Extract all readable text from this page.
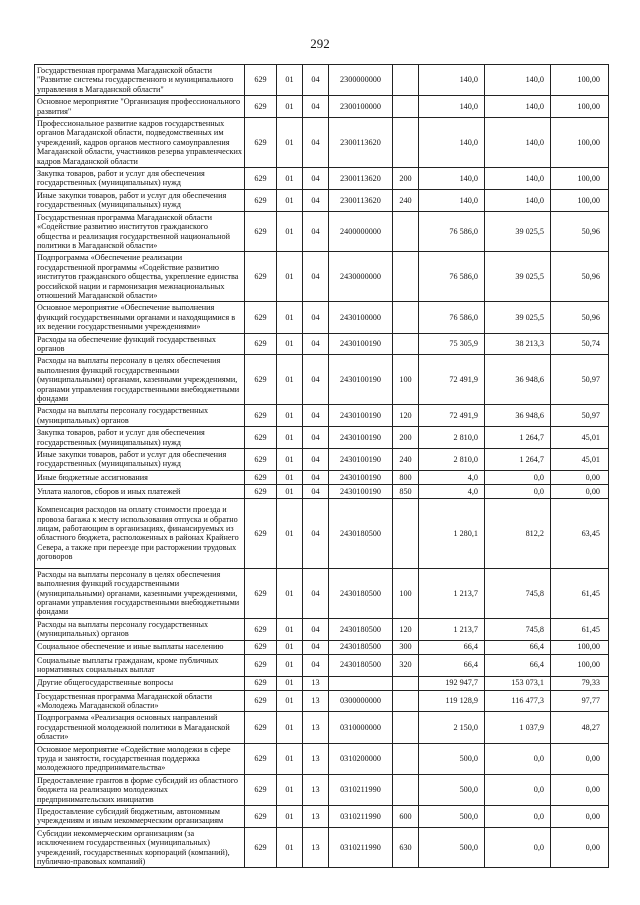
292
Государственная программа Магаданской области "Развитие системы государственного и муниципального управления в Магаданской области"	629	01	04	2300000000		140,0	140,0	100,00
Основное мероприятие "Организация профессионального развития"	629	01	04	2300100000		140,0	140,0	100,00
Профессиональное развитие кадров государственных органов Магаданской области, подведомственных им учреждений, кадров органов местного самоуправления Магаданской области, участников резерва управленческих кадров Магаданской области	629	01	04	2300113620		140,0	140,0	100,00
Закупка товаров, работ и услуг для обеспечения государственных (муниципальных) нужд	629	01	04	2300113620	200	140,0	140,0	100,00
Иные закупки товаров, работ и услуг для обеспечения государственных (муниципальных) нужд	629	01	04	2300113620	240	140,0	140,0	100,00
Государственная программа Магаданской области «Содействие развитию институтов гражданского общества и реализация государственной национальной политики в Магаданской области»	629	01	04	2400000000		76 586,0	39 025,5	50,96
Подпрограмма «Обеспечение реализации государственной программы «Содействие развитию институтов гражданского общества, укрепление единства российской нации и гармонизация межнациональных отношений Магаданской области»	629	01	04	2430000000		76 586,0	39 025,5	50,96
Основное мероприятие «Обеспечение выполнения функций государственными органами и находящимися в их ведении государственными учреждениями»	629	01	04	2430100000		76 586,0	39 025,5	50,96
Расходы на обеспечение функций государственных органов	629	01	04	2430100190		75 305,9	38 213,3	50,74
Расходы на выплаты персоналу в целях обеспечения выполнения функций государственными (муниципальными) органами, казенными учреждениями, органами управления государственными внебюджетными фондами	629	01	04	2430100190	100	72 491,9	36 948,6	50,97
Расходы на выплаты персоналу государственных (муниципальных) органов	629	01	04	2430100190	120	72 491,9	36 948,6	50,97
Закупка товаров, работ и услуг для обеспечения государственных (муниципальных) нужд	629	01	04	2430100190	200	2 810,0	1 264,7	45,01
Иные закупки товаров, работ и услуг для обеспечения государственных (муниципальных) нужд	629	01	04	2430100190	240	2 810,0	1 264,7	45,01
Иные бюджетные ассигнования	629	01	04	2430100190	800	4,0	0,0	0,00
Уплата налогов, сборов и иных платежей	629	01	04	2430100190	850	4,0	0,0	0,00
Компенсация расходов на оплату стоимости проезда и провоза багажа к месту использования отпуска и обратно лицам, работающим в организациях, финансируемых из областного бюджета, расположенных в районах Крайнего Севера, а также при переезде при расторжении трудовых договоров	629	01	04	2430180500		1 280,1	812,2	63,45
Расходы на выплаты персоналу в целях обеспечения выполнения функций государственными (муниципальными) органами, казенными учреждениями, органами управления государственными внебюджетными фондами	629	01	04	2430180500	100	1 213,7	745,8	61,45
Расходы на выплаты персоналу государственных (муниципальных) органов	629	01	04	2430180500	120	1 213,7	745,8	61,45
Социальное обеспечение и иные выплаты населению	629	01	04	2430180500	300	66,4	66,4	100,00
Социальные выплаты гражданам, кроме публичных нормативных социальных выплат	629	01	04	2430180500	320	66,4	66,4	100,00
Другие общегосударственные вопросы	629	01	13			192 947,7	153 073,1	79,33
Государственная программа Магаданской области «Молодежь Магаданской области»	629	01	13	0300000000		119 128,9	116 477,3	97,77
Подпрограмма «Реализация основных направлений государственной молодежной политики в Магаданской области»	629	01	13	0310000000		2 150,0	1 037,9	48,27
Основное мероприятие «Содействие молодежи в сфере труда и занятости, государственная поддержка молодежного предпринимательства»	629	01	13	0310200000		500,0	0,0	0,00
Предоставление грантов в форме субсидий из областного бюджета на реализацию молодежных предпринимательских инициатив	629	01	13	0310211990		500,0	0,0	0,00
Предоставление субсидий бюджетным, автономным учреждениям и иным некоммерческим организациям	629	01	13	0310211990	600	500,0	0,0	0,00
Субсидии некоммерческим организациям (за исключением государственных (муниципальных) учреждений, государственных корпораций (компаний), публично-правовых компаний)	629	01	13	0310211990	630	500,0	0,0	0,00
